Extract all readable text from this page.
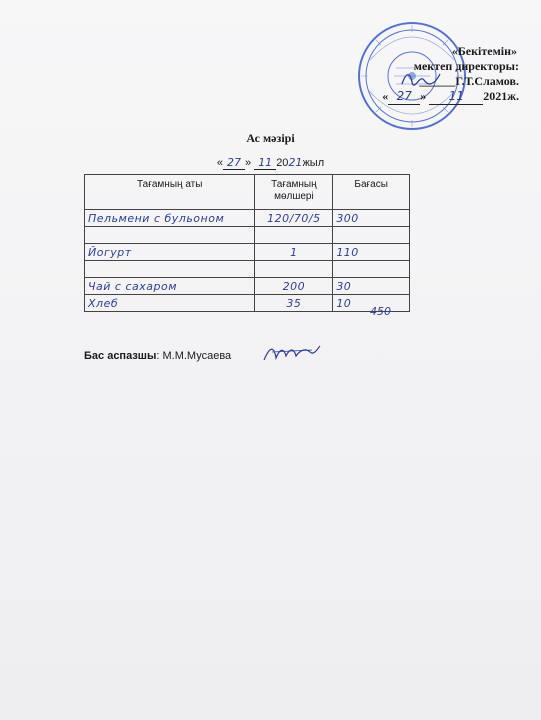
«Бекітемін»
мектеп директоры:
______Г.Т.Сламов.
« 27 » 11 2021ж.
Ас мәзірі
« 27 » 11 2021жыл
Тағамның аты	Тағамның мөлшері	Бағасы
Пельмени с бульоном	120/70/5	300

Йогурт	1	110

Чай с сахаром	200	30
Хлеб	35	10
450
Бас аспазшы: М.М.Мусаева
